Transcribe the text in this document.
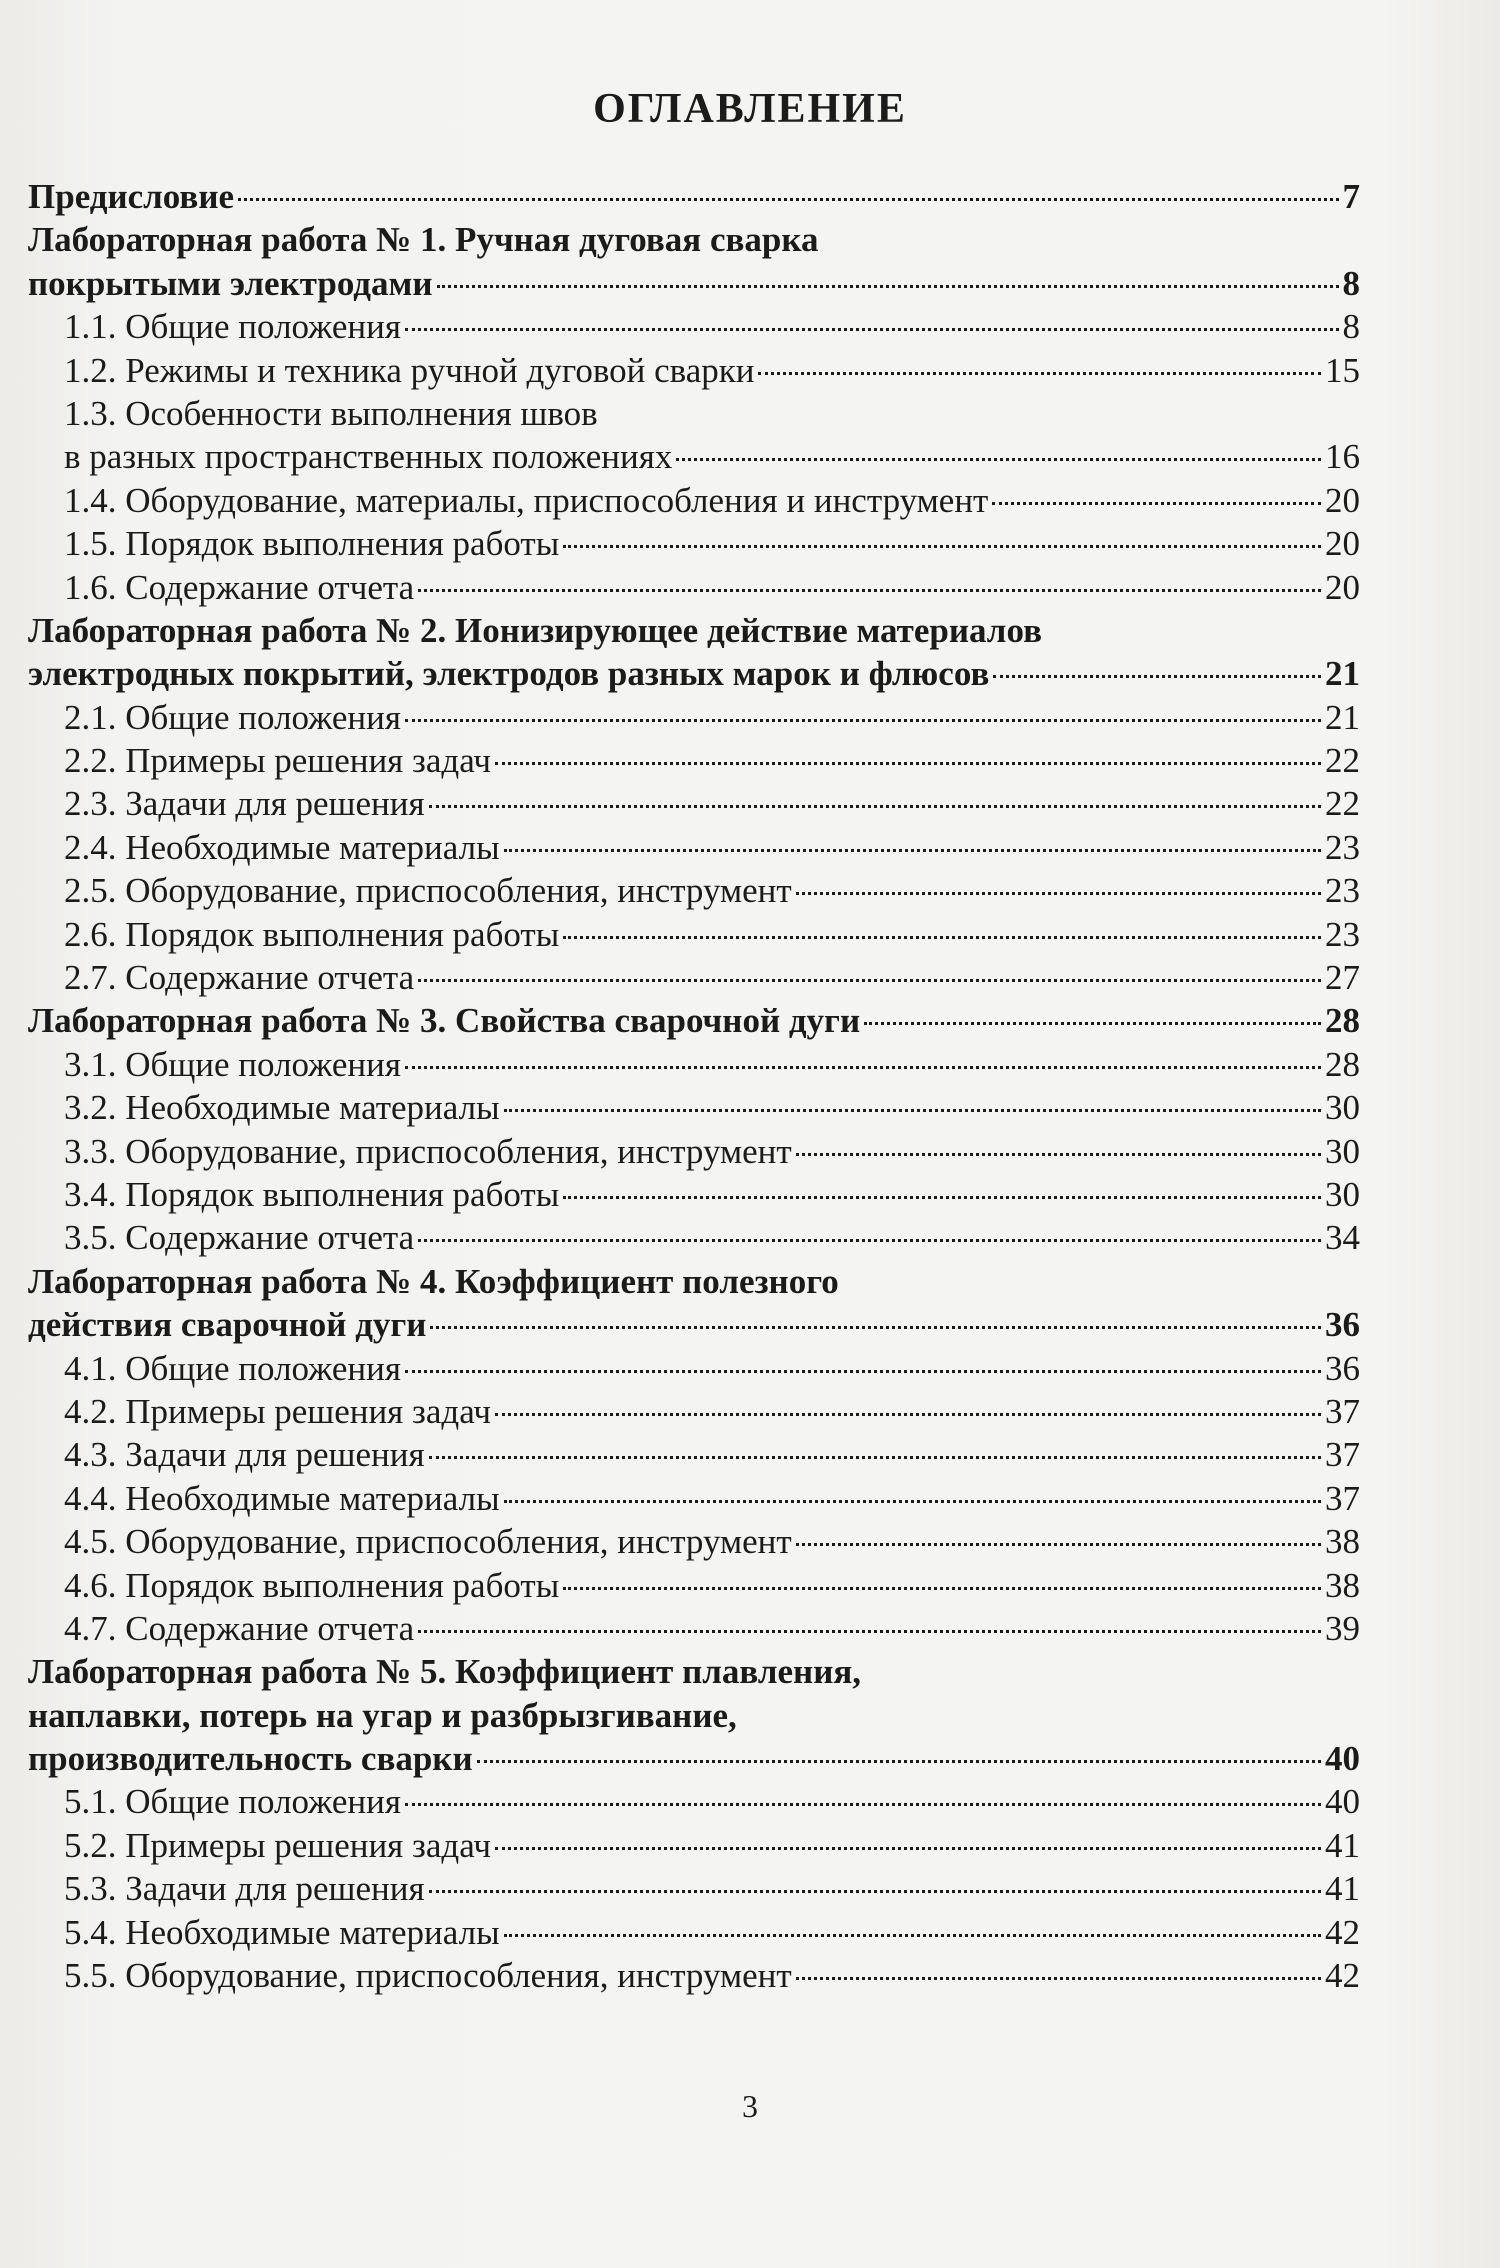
ОГЛАВЛЕНИЕ
Предисловие	7
Лабораторная работа № 1. Ручная дуговая сварка
покрытыми электродами	8
1.1. Общие положения	8
1.2. Режимы и техника ручной дуговой сварки	15
1.3. Особенности выполнения швов
в разных пространственных положениях	16
1.4. Оборудование, материалы, приспособления и инструмент	20
1.5. Порядок выполнения работы	20
1.6. Содержание отчета	20
Лабораторная работа № 2. Ионизирующее действие материалов
электродных покрытий, электродов разных марок и флюсов	21
2.1. Общие положения	21
2.2. Примеры решения задач	22
2.3. Задачи для решения	22
2.4. Необходимые материалы	23
2.5. Оборудование, приспособления, инструмент	23
2.6. Порядок выполнения работы	23
2.7. Содержание отчета	27
Лабораторная работа № 3. Свойства сварочной дуги	28
3.1. Общие положения	28
3.2. Необходимые материалы	30
3.3. Оборудование, приспособления, инструмент	30
3.4. Порядок выполнения работы	30
3.5. Содержание отчета	34
Лабораторная работа № 4. Коэффициент полезного
действия сварочной дуги	36
4.1. Общие положения	36
4.2. Примеры решения задач	37
4.3. Задачи для решения	37
4.4. Необходимые материалы	37
4.5. Оборудование, приспособления, инструмент	38
4.6. Порядок выполнения работы	38
4.7. Содержание отчета	39
Лабораторная работа № 5. Коэффициент плавления,
наплавки, потерь на угар и разбрызгивание,
производительность сварки	40
5.1. Общие положения	40
5.2. Примеры решения задач	41
5.3. Задачи для решения	41
5.4. Необходимые материалы	42
5.5. Оборудование, приспособления, инструмент	42
3
